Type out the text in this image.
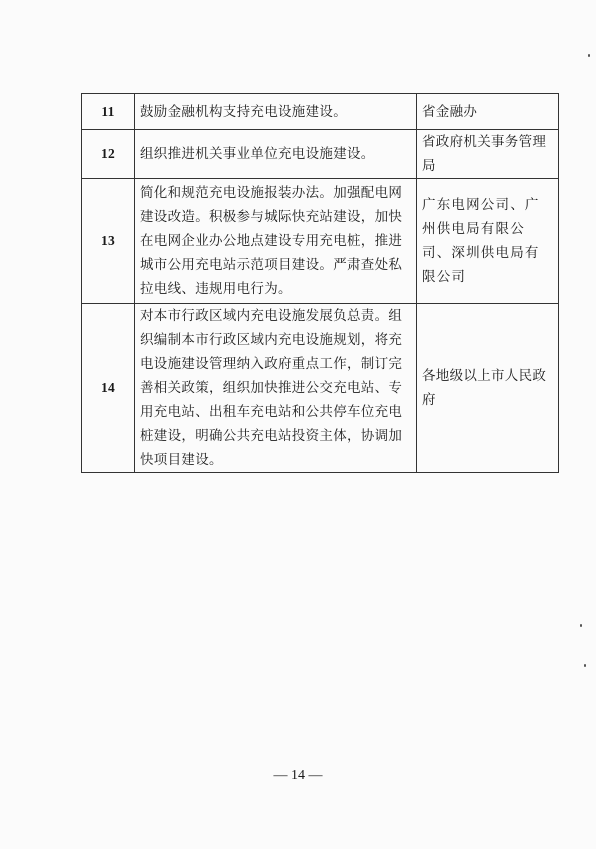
11	鼓励金融机构支持充电设施建设。	省金融办
12	组织推进机关事业单位充电设施建设。	省政府机关事务管理局
13	简化和规范充电设施报装办法。加强配电网建设改造。积极参与城际快充站建设，加快在电网企业办公地点建设专用充电桩，推进城市公用充电站示范项目建设。严肃查处私拉电线、违规用电行为。	广东电网公司、广州供电局有限公司、深圳供电局有限公司
14	对本市行政区域内充电设施发展负总责。组织编制本市行政区域内充电设施规划，将充电设施建设管理纳入政府重点工作，制订完善相关政策，组织加快推进公交充电站、专用充电站、出租车充电站和公共停车位充电桩建设，明确公共充电站投资主体，协调加快项目建设。	各地级以上市人民政府
— 14 —
